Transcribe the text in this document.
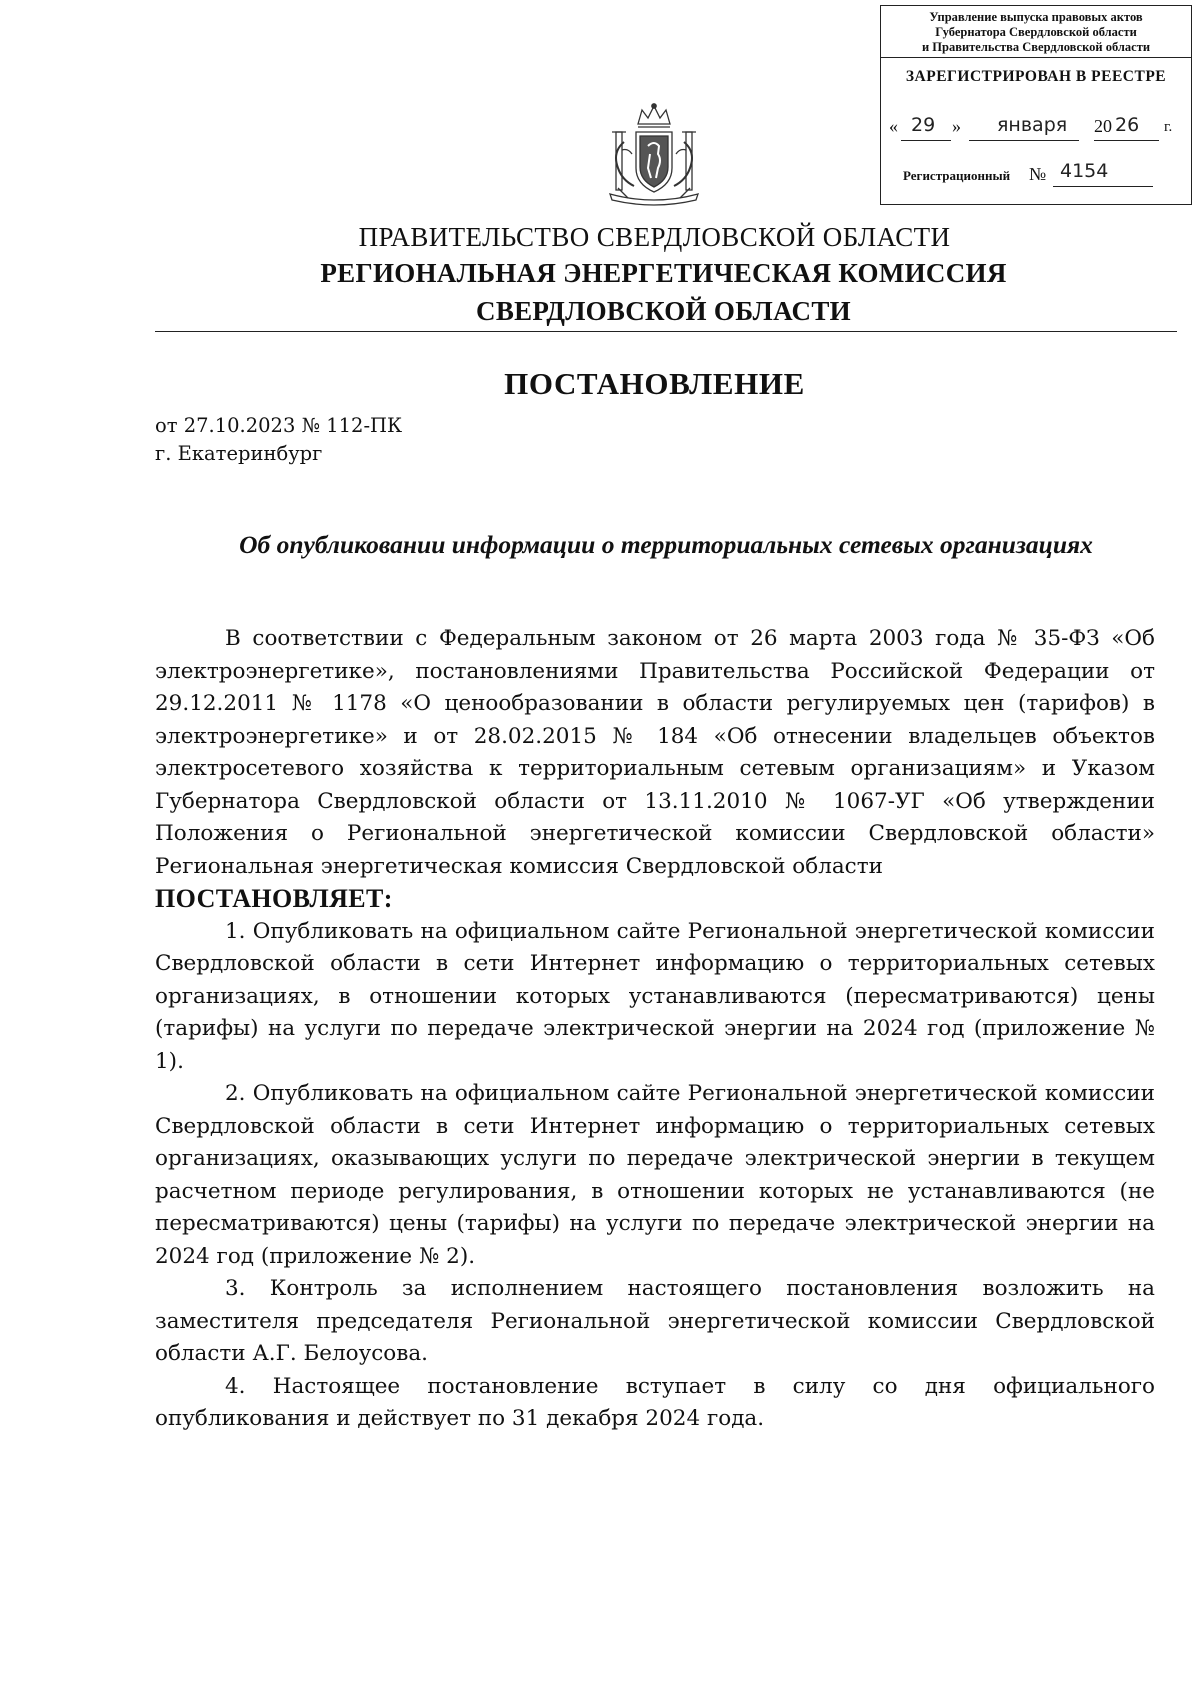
Управление выпуска правовых актов
Губернатора Свердловской области
и Правительства Свердловской области
ЗАРЕГИСТРИРОВАН В РЕЕСТРЕ
« 29 » января 20 26 г.
Регистрационный № 4154
ПРАВИТЕЛЬСТВО СВЕРДЛОВСКОЙ ОБЛАСТИ
РЕГИОНАЛЬНАЯ ЭНЕРГЕТИЧЕСКАЯ КОМИССИЯ
СВЕРДЛОВСКОЙ ОБЛАСТИ
ПОСТАНОВЛЕНИЕ
от 27.10.2023 № 112-ПК
г. Екатеринбург
Об опубликовании информации о территориальных сетевых организациях

В соответствии с Федеральным законом от 26 марта 2003 года № 35-ФЗ «Об электроэнергетике», постановлениями Правительства Российской Федерации от 29.12.2011 № 1178 «О ценообразовании в области регулируемых цен (тарифов) в электроэнергетике» и от 28.02.2015 № 184 «Об отнесении владельцев объектов электросетевого хозяйства к территориальным сетевым организациям» и Указом Губернатора Свердловской области от 13.11.2010 № 1067-УГ «Об утверждении Положения о Региональной энергетической комиссии Свердловской области» Региональная энергетическая комиссия Свердловской области

ПОСТАНОВЛЯЕТ:

1. Опубликовать на официальном сайте Региональной энергетической комиссии Свердловской области в сети Интернет информацию о территориальных сетевых организациях, в отношении которых устанавливаются (пересматриваются) цены (тарифы) на услуги по передаче электрической энергии на 2024 год (приложение № 1).

2. Опубликовать на официальном сайте Региональной энергетической комиссии Свердловской области в сети Интернет информацию о территориальных сетевых организациях, оказывающих услуги по передаче электрической энергии в текущем расчетном периоде регулирования, в отношении которых не устанавливаются (не пересматриваются) цены (тарифы) на услуги по передаче электрической энергии на 2024 год (приложение № 2).

3. Контроль за исполнением настоящего постановления возложить на заместителя председателя Региональной энергетической комиссии Свердловской области А.Г. Белоусова.

4. Настоящее постановление вступает в силу со дня официального опубликования и действует по 31 декабря 2024 года.
